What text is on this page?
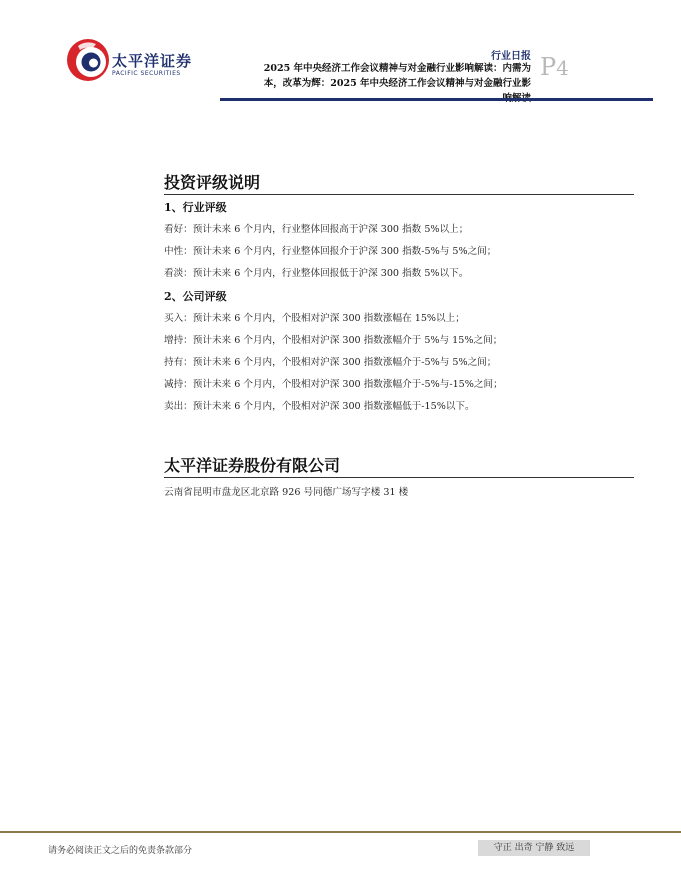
太平洋证券
PACIFIC SECURITIES
行业日报
2025 年中央经济工作会议精神与对金融行业影响解读：内需为
本，改革为辉：2025 年中央经济工作会议精神与对金融行业影
P4
投资评级说明
1、行业评级
看好：预计未来 6 个月内，行业整体回报高于沪深 300 指数 5%以上；
中性：预计未来 6 个月内，行业整体回报介于沪深 300 指数-5%与 5%之间；
看淡：预计未来 6 个月内，行业整体回报低于沪深 300 指数 5%以下。
2、公司评级
买入：预计未来 6 个月内，个股相对沪深 300 指数涨幅在 15%以上；
增持：预计未来 6 个月内，个股相对沪深 300 指数涨幅介于 5%与 15%之间；
持有：预计未来 6 个月内，个股相对沪深 300 指数涨幅介于-5%与 5%之间；
减持：预计未来 6 个月内，个股相对沪深 300 指数涨幅介于-5%与-15%之间；
卖出：预计未来 6 个月内，个股相对沪深 300 指数涨幅低于-15%以下。
太平洋证券股份有限公司
云南省昆明市盘龙区北京路 926 号同德广场写字楼 31 楼
请务必阅读正文之后的免责条款部分	守正 出奇 宁静 致远
